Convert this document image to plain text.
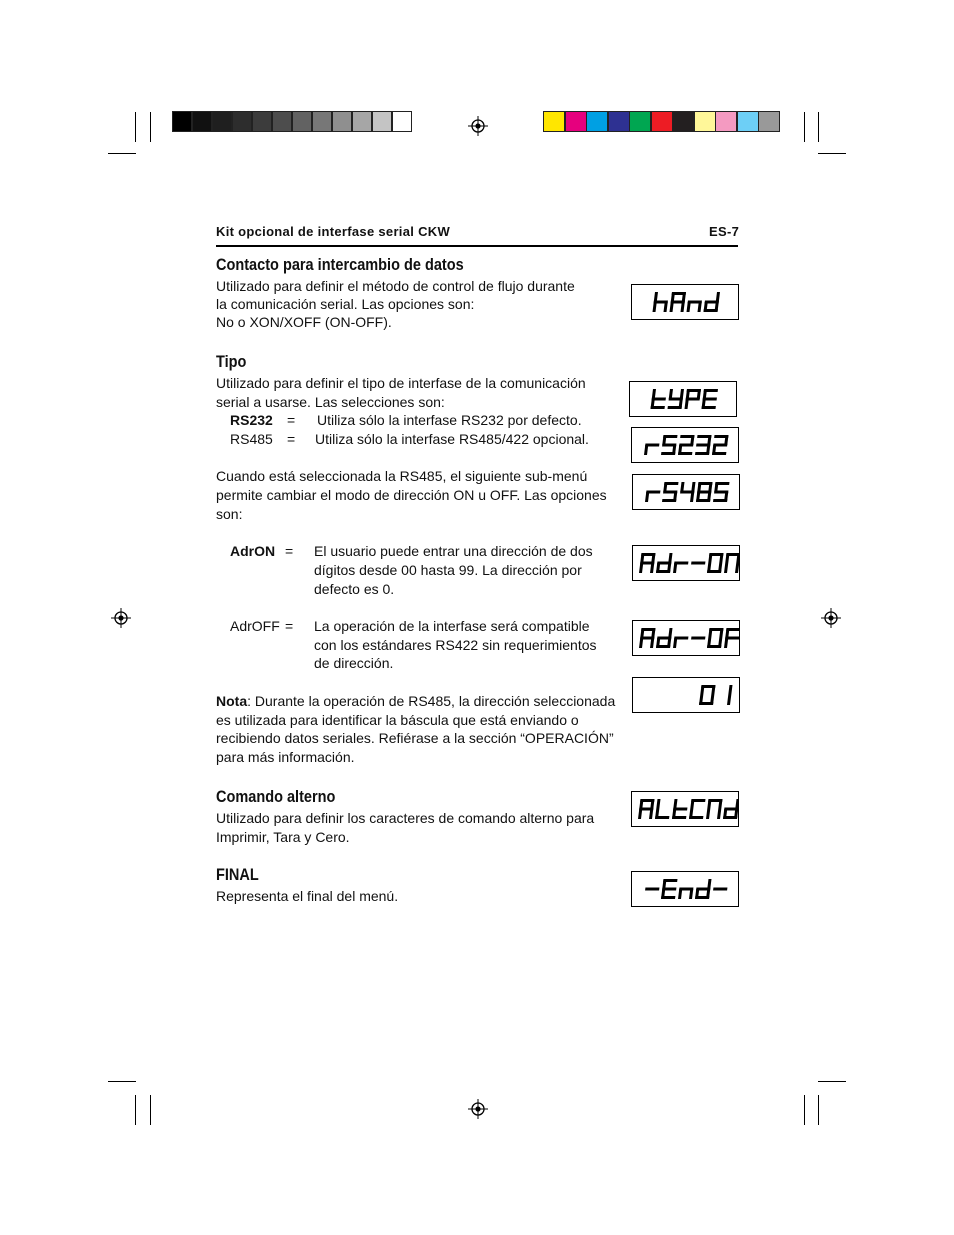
Kit opcional de interfase serial CKW	ES-7
Contacto para intercambio de datos
Utilizado para definir el método de control de flujo durante
la comunicación serial. Las opciones son:
No o XON/XOFF (ON-OFF).
Tipo
Utilizado para definir el tipo de interfase de la comunicación
serial a usarse. Las selecciones son:
RS232 = Utiliza sólo la interfase RS232 por defecto.
RS485 = Utiliza sólo la interfase RS485/422 opcional.
Cuando está seleccionada la RS485, el siguiente sub-menú
permite cambiar el modo de dirección ON u OFF. Las opciones
son:
AdrON = El usuario puede entrar una dirección de dos
dígitos desde 00 hasta 99. La dirección por
defecto es 0.
AdrOFF = La operación de la interfase será compatible
con los estándares RS422 sin requerimientos
de dirección.
Nota: Durante la operación de RS485, la dirección seleccionada
es utilizada para identificar la báscula que está enviando o
recibiendo datos seriales. Refiérase a la sección “OPERACIÓN”
para más información.
Comando alterno
Utilizado para definir los caracteres de comando alterno para
Imprimir, Tara y Cero.
FINAL
Representa el final del menú.
